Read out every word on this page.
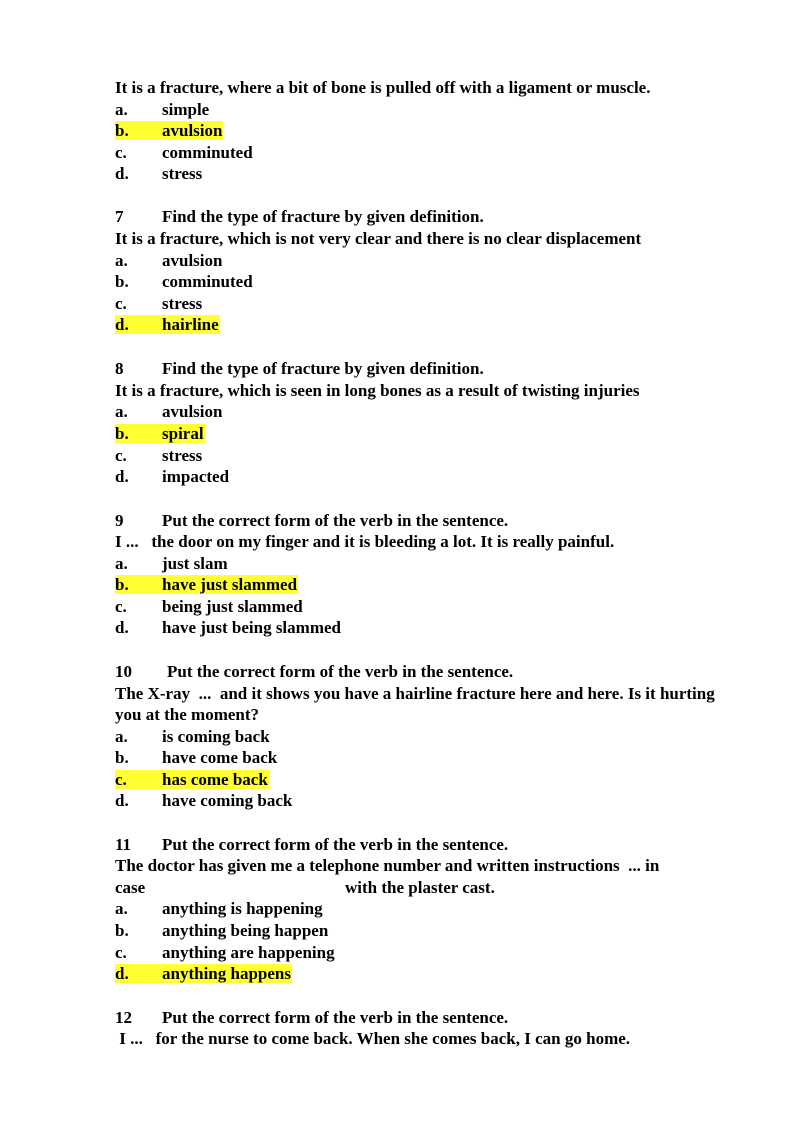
It is a fracture, where a bit of bone is pulled off with a ligament or muscle.
a. simple
b. avulsion
c. comminuted
d. stress
7 Find the type of fracture by given definition.
It is a fracture, which is not very clear and there is no clear displacement
a. avulsion
b. comminuted
c. stress
d. hairline
8 Find the type of fracture by given definition.
It is a fracture, which is seen in long bones as a result of twisting injuries
a. avulsion
b. spiral
c. stress
d. impacted
9 Put the correct form of the verb in the sentence.
I ...   the door on my finger and it is bleeding a lot. It is really painful.
a. just slam
b. have just slammed
c. being just slammed
d. have just being slammed
10 Put the correct form of the verb in the sentence.
The X-ray  ...  and it shows you have a hairline fracture here and here. Is it hurting you at the moment?
a. is coming back
b. have come back
c. has come back
d. have coming back
11 Put the correct form of the verb in the sentence.
The doctor has given me a telephone number and written instructions  ... in
case	with the plaster cast.
a. anything is happening
b. anything being happen
c. anything are happening
d. anything happens
12 Put the correct form of the verb in the sentence.
I ...   for the nurse to come back. When she comes back, I can go home.
